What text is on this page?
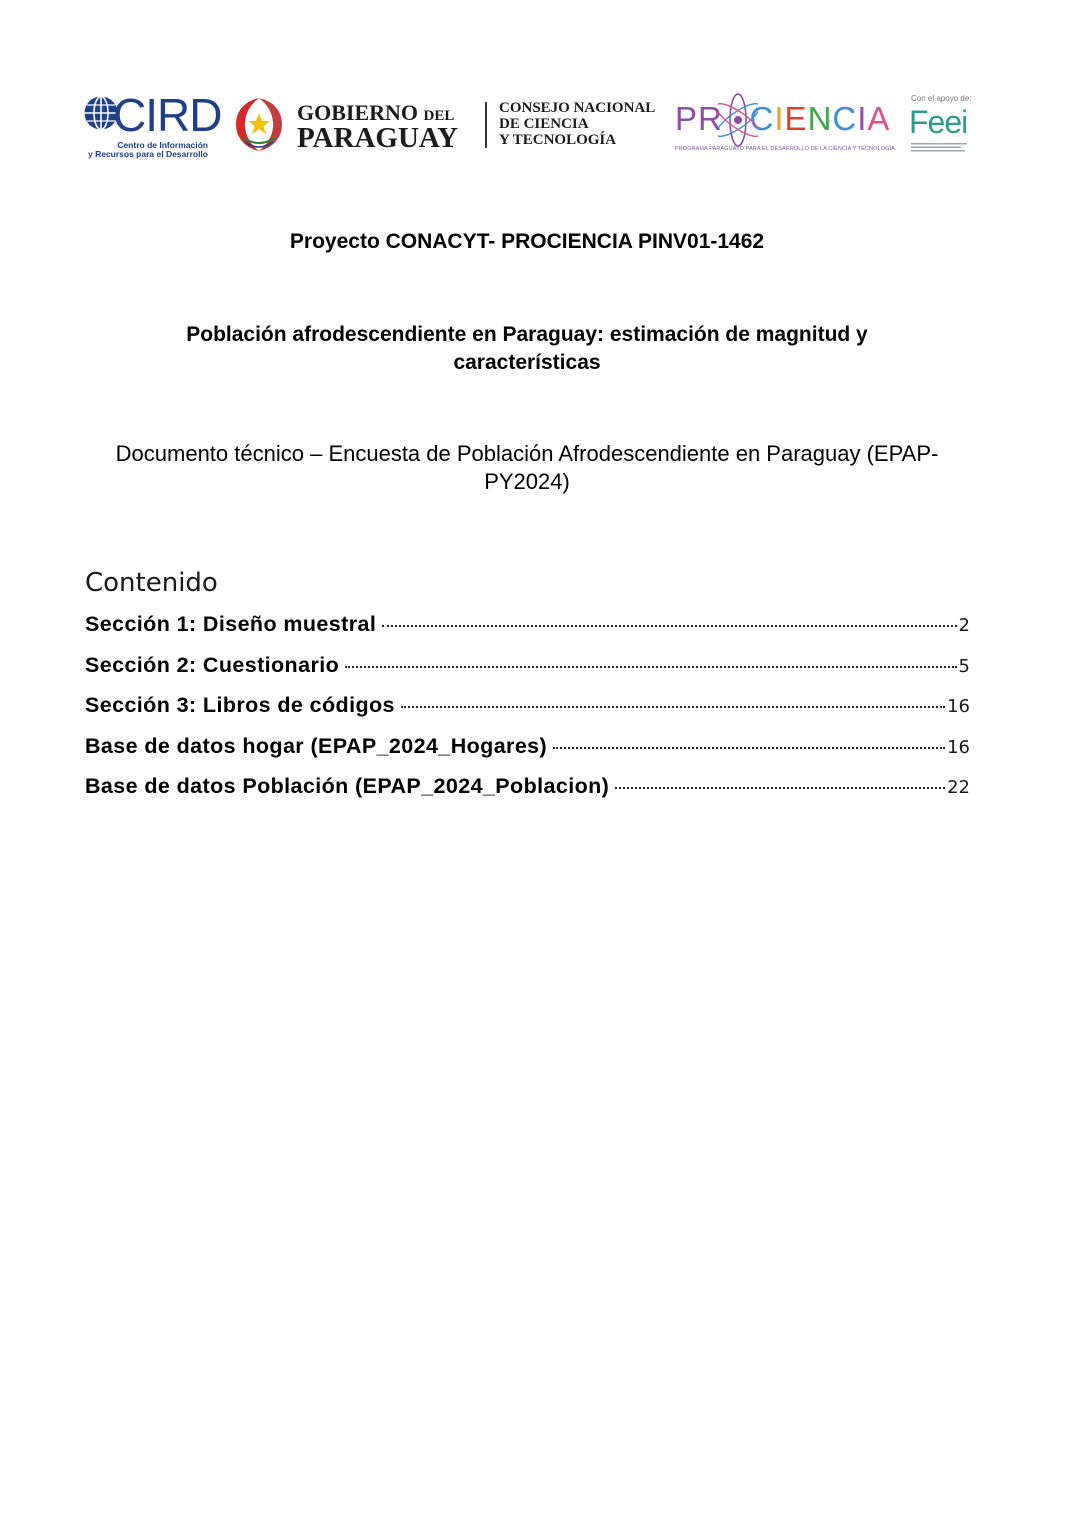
CIRD
Centro de Información
y Recursos para el Desarrollo
GOBIERNO DEL
PARAGUAY
CONSEJO NACIONAL
DE CIENCIA
Y TECNOLOGÍA
PR CIENCIA
PROGRAMA PARAGUAYO PARA EL DESARROLLO DE LA CIENCIA Y TECNOLOGÍA
Con el apoyo de:
Feei
Proyecto CONACYT- PROCIENCIA PINV01-1462
Población afrodescendiente en Paraguay: estimación de magnitud y características
Documento técnico – Encuesta de Población Afrodescendiente en Paraguay (EPAP-PY2024)
Contenido
Sección 1: Diseño muestral	2
Sección 2: Cuestionario	5
Sección 3: Libros de códigos	16
Base de datos hogar (EPAP_2024_Hogares)	16
Base de datos Población (EPAP_2024_Poblacion)	22
